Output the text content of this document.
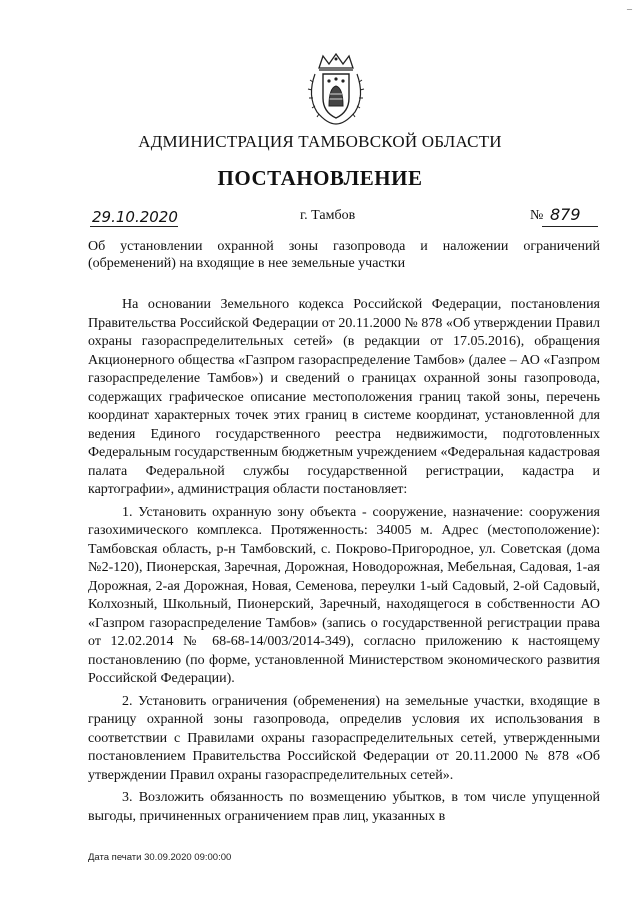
–
АДМИНИСТРАЦИЯ ТАМБОВСКОЙ ОБЛАСТИ
ПОСТАНОВЛЕНИЕ
29.10.2020	г. Тамбов	№ 879
Об установлении охранной зоны газопровода и наложении ограничений (обременений) на входящие в нее земельные участки

На основании Земельного кодекса Российской Федерации, постановления Правительства Российской Федерации от 20.11.2000 № 878 «Об утверждении Правил охраны газораспределительных сетей» (в редакции от 17.05.2016), обращения Акционерного общества «Газпром газораспределение Тамбов» (далее – АО «Газпром газораспределение Тамбов») и сведений о границах охранной зоны газопровода, содержащих графическое описание местоположения границ такой зоны, перечень координат характерных точек этих границ в системе координат, установленной для ведения Единого государственного реестра недвижимости, подготовленных Федеральным государственным бюджетным учреждением «Федеральная кадастровая палата Федеральной службы государственной регистрации, кадастра и картографии», администрация области постановляет:

1. Установить охранную зону объекта - сооружение, назначение: сооружения газохимического комплекса. Протяженность: 34005 м. Адрес (местоположение): Тамбовская область, р-н Тамбовский, с. Покрово-Пригородное, ул. Советская (дома №2-120), Пионерская, Заречная, Дорожная, Новодорожная, Мебельная, Садовая, 1-ая Дорожная, 2-ая Дорожная, Новая, Семенова, переулки 1-ый Садовый, 2-ой Садовый, Колхозный, Школьный, Пионерский, Заречный, находящегося в собственности АО «Газпром газораспределение Тамбов» (запись о государственной регистрации права от 12.02.2014 № 68-68-14/003/2014-349), согласно приложению к настоящему постановлению (по форме, установленной Министерством экономического развития Российской Федерации).

2. Установить ограничения (обременения) на земельные участки, входящие в границу охранной зоны газопровода, определив условия их использования в соответствии с Правилами охраны газораспределительных сетей, утвержденными постановлением Правительства Российской Федерации от 20.11.2000 № 878 «Об утверждении Правил охраны газораспределительных сетей».

3. Возложить обязанность по возмещению убытков, в том числе упущенной выгоды, причиненных ограничением прав лиц, указанных в

Дата печати 30.09.2020 09:00:00
